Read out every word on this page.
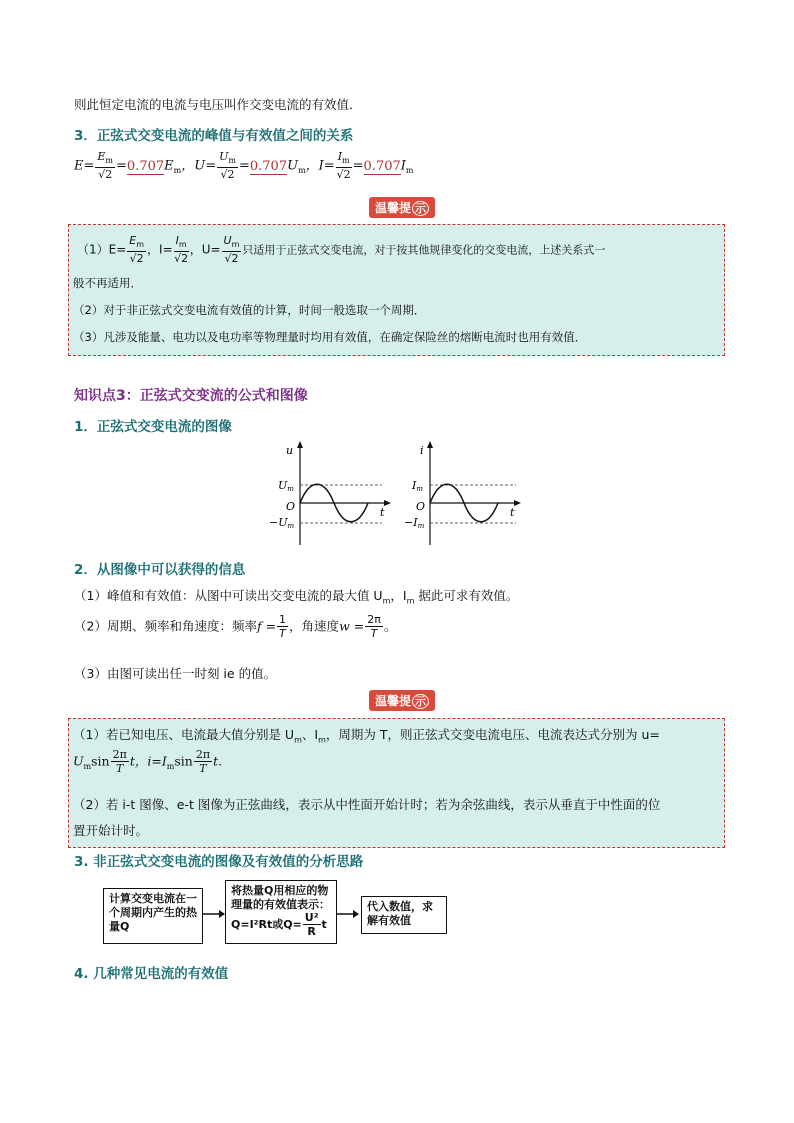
则此恒定电流的电流与电压叫作交变电流的有效值．
3．正弦式交变电流的峰值与有效值之间的关系
$E= \frac{E_m}{√2} =0.707E_m$，$U= \frac{U_m}{√2} =0.707U_m$，$I= \frac{I_m}{√2} =0.707I_m$
温馨提 示
$(1)E= \frac{E_m}{√2}$ ，$I= \frac{I_m}{√2}$ ，$U= \frac{U_m}{√2}$ 只适用于正弦式交变电流，对于按其他规律变化的交变电流，上述关系式一
般不再适用．
（2）对于非正弦式交变电流有效值的计算，时间一般选取一个周期．
（3）凡涉及能量、电功以及电功率等物理量时均用有效值，在确定保险丝的熔断电流时也用有效值．
知识点3：正弦式交变流的公式和图像
1．正弦式交变电流的图像
u
t
O
Um
−Um
i
t
O
Im
−Im
2．从图像中可以获得的信息
（1）峰值和有效值：从图中可读出交变电流的最大值 $U_m$，$I_m$ 据此可求有效值。
（2）周期、频率和角速度：频率$f = \frac{1}{T}$ ，角速度$w = \frac{2\pi}{T}$ 。
（3）由图可读出任一时刻 ie 的值。
温馨提 示
（1）若已知电压、电流最大值分别是 $U_m$、$I_m$，周期为 T，则正弦式交变电流电压、电流表达式分别为 u=
$U_m\sin \frac{2\pi}{T}$ t，$i=I_m\sin \frac{2\pi}{T} t$.
（2）若 i-t 图像、e-t 图像为正弦曲线，表示从中性面开始计时；若为余弦曲线，表示从垂直于中性面的位
置开始计时。
3. 非正弦式交变电流的图像及有效值的分析思路
计算交变电流在一个周期内产生的热量Q
将热量Q用相应的物理量的有效值表示：
Q=I²Rt或$Q= \frac{\text{U²}}{R}$ t
代入数值，求解有效值
4. 几种常见电流的有效值
